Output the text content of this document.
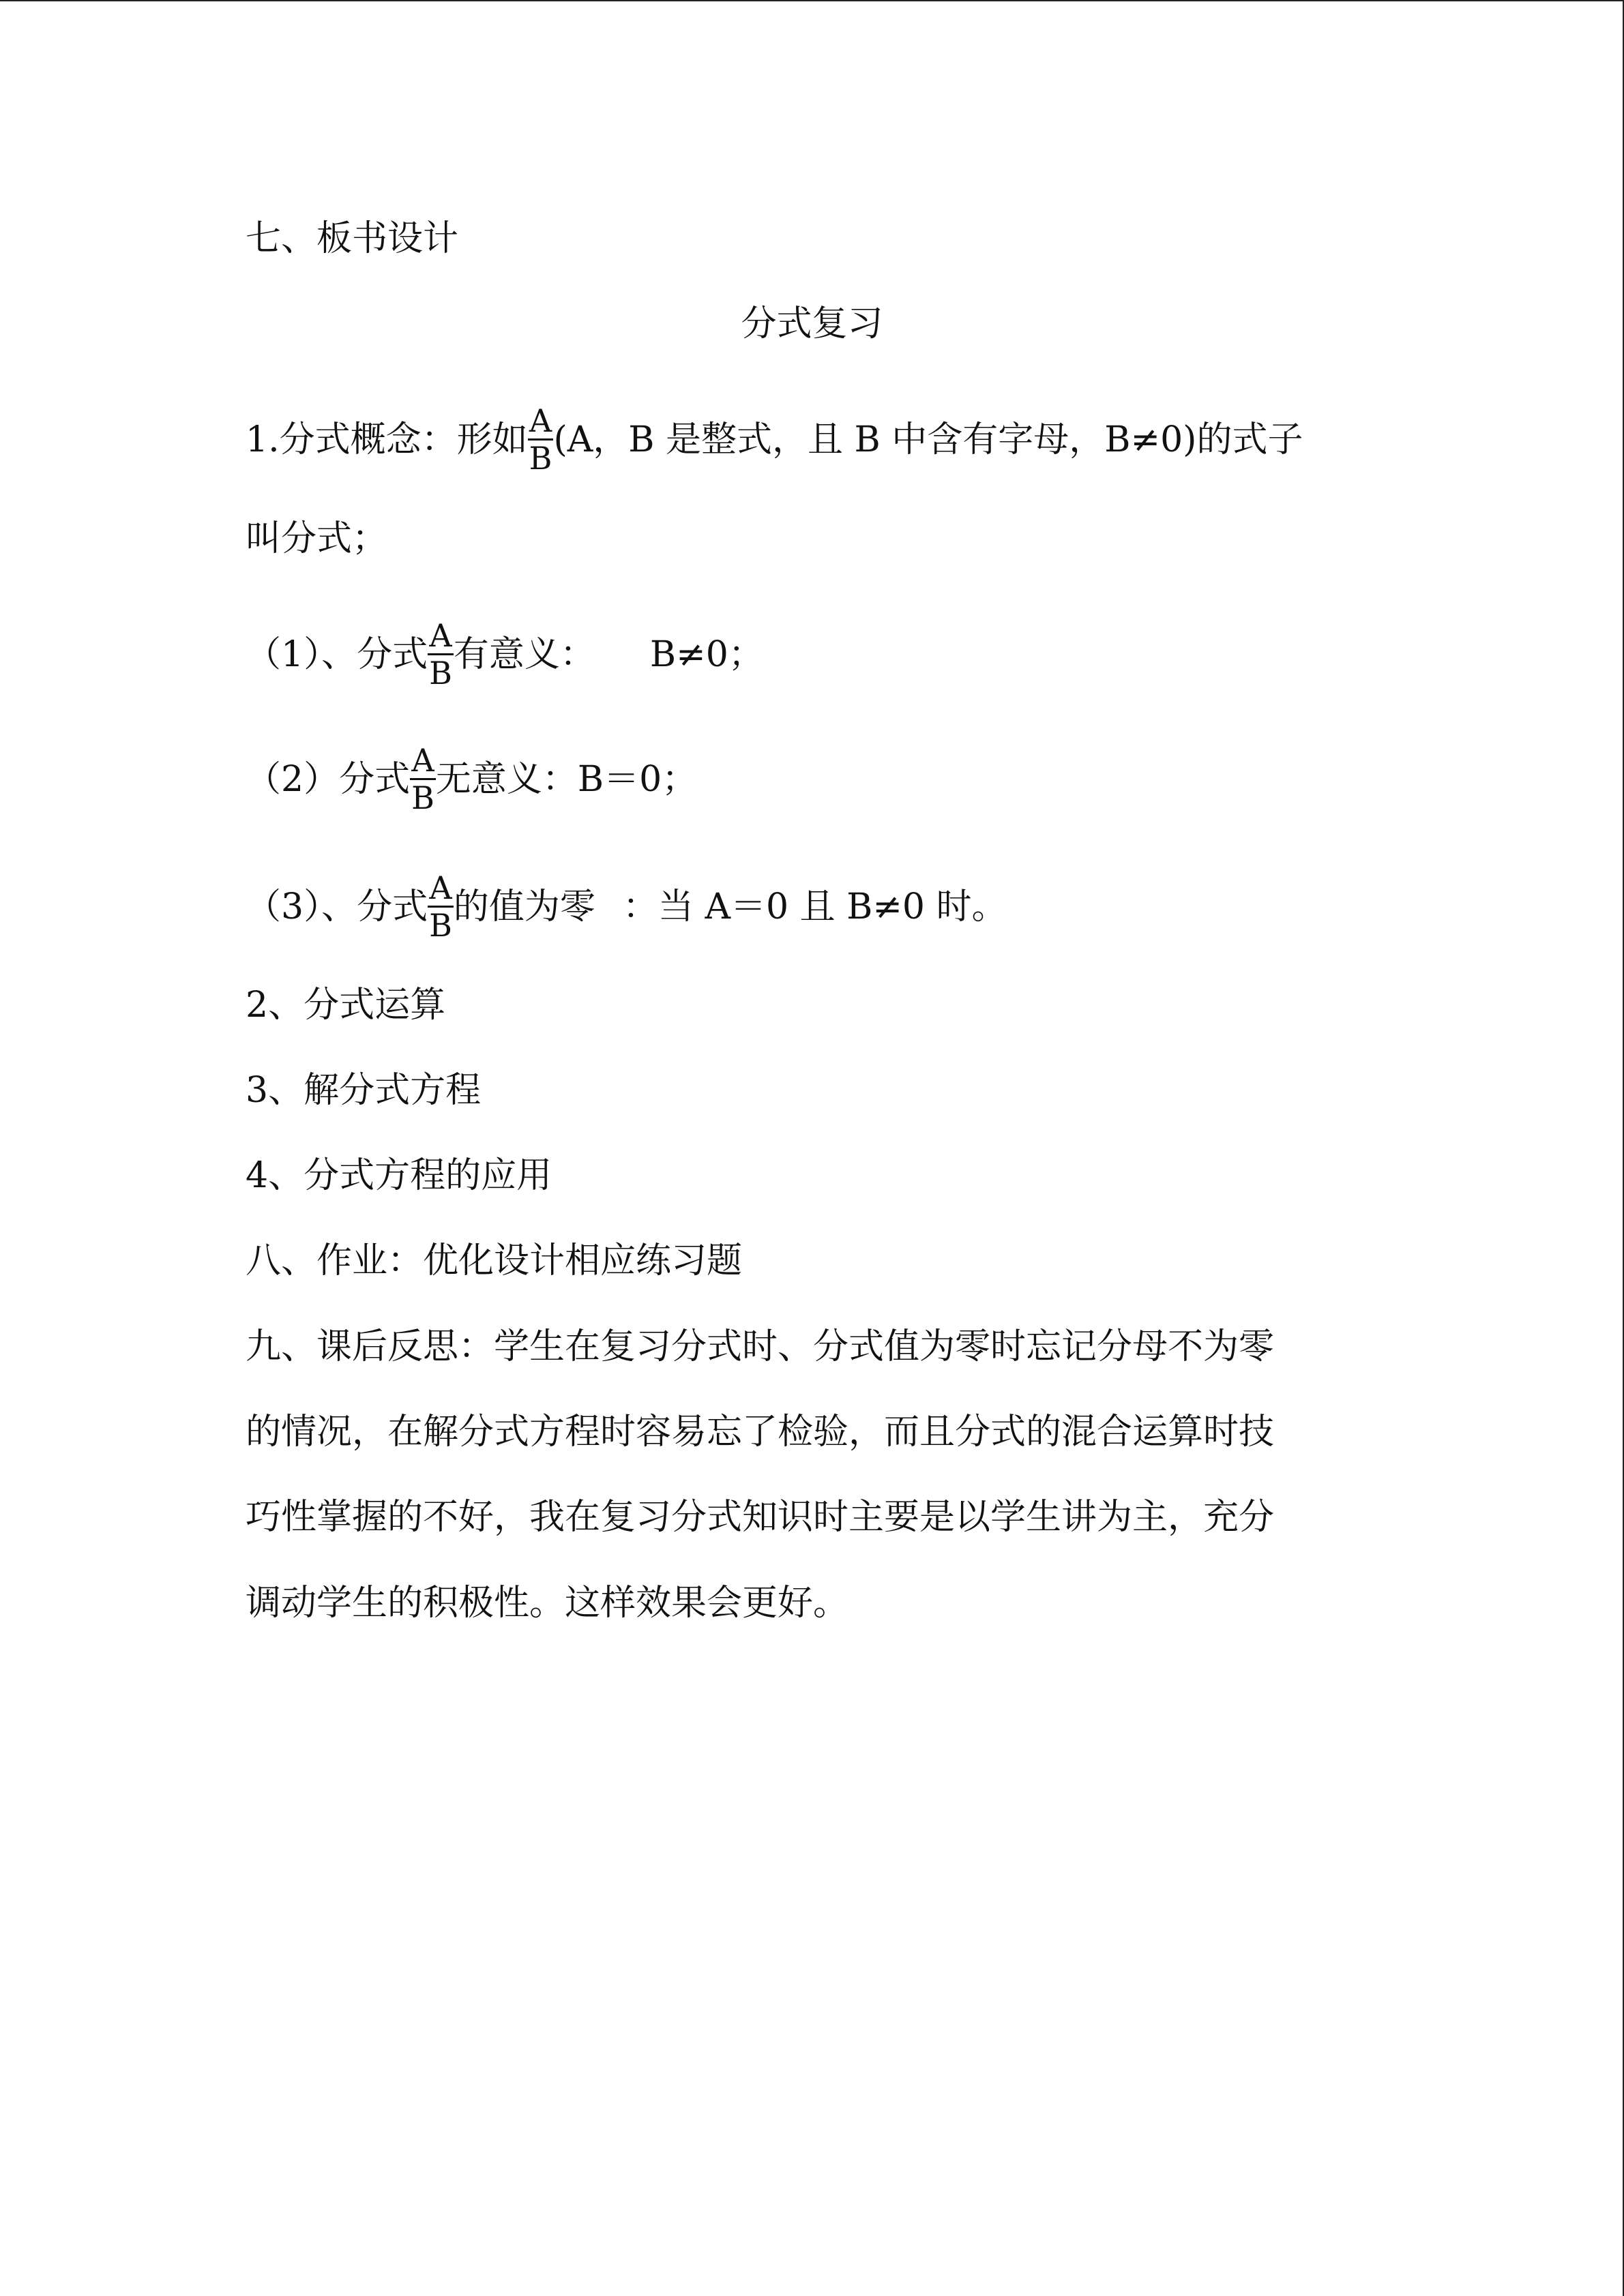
七、板书设计
分式复习
1.分式概念：形如 $\frac{A}{B} (A$，B 是整式，且 B 中含有字母，B≠0)的式子
叫分式；
（1）、分式 $\frac{A}{B}$ 有意义： B≠0；
（2）分式 $\frac{A}{B}$ 无意义：B＝0；
（3）、分式 $\frac{A}{B}$ 的值为零 ：当 A＝0 且 B≠0 时。
2、分式运算
3、解分式方程
4、分式方程的应用
八、作业：优化设计相应练习题
九、课后反思：学生在复习分式时、分式值为零时忘记分母不为零
的情况，在解分式方程时容易忘了检验，而且分式的混合运算时技
巧性掌握的不好，我在复习分式知识时主要是以学生讲为主，充分
调动学生的积极性。这样效果会更好。
